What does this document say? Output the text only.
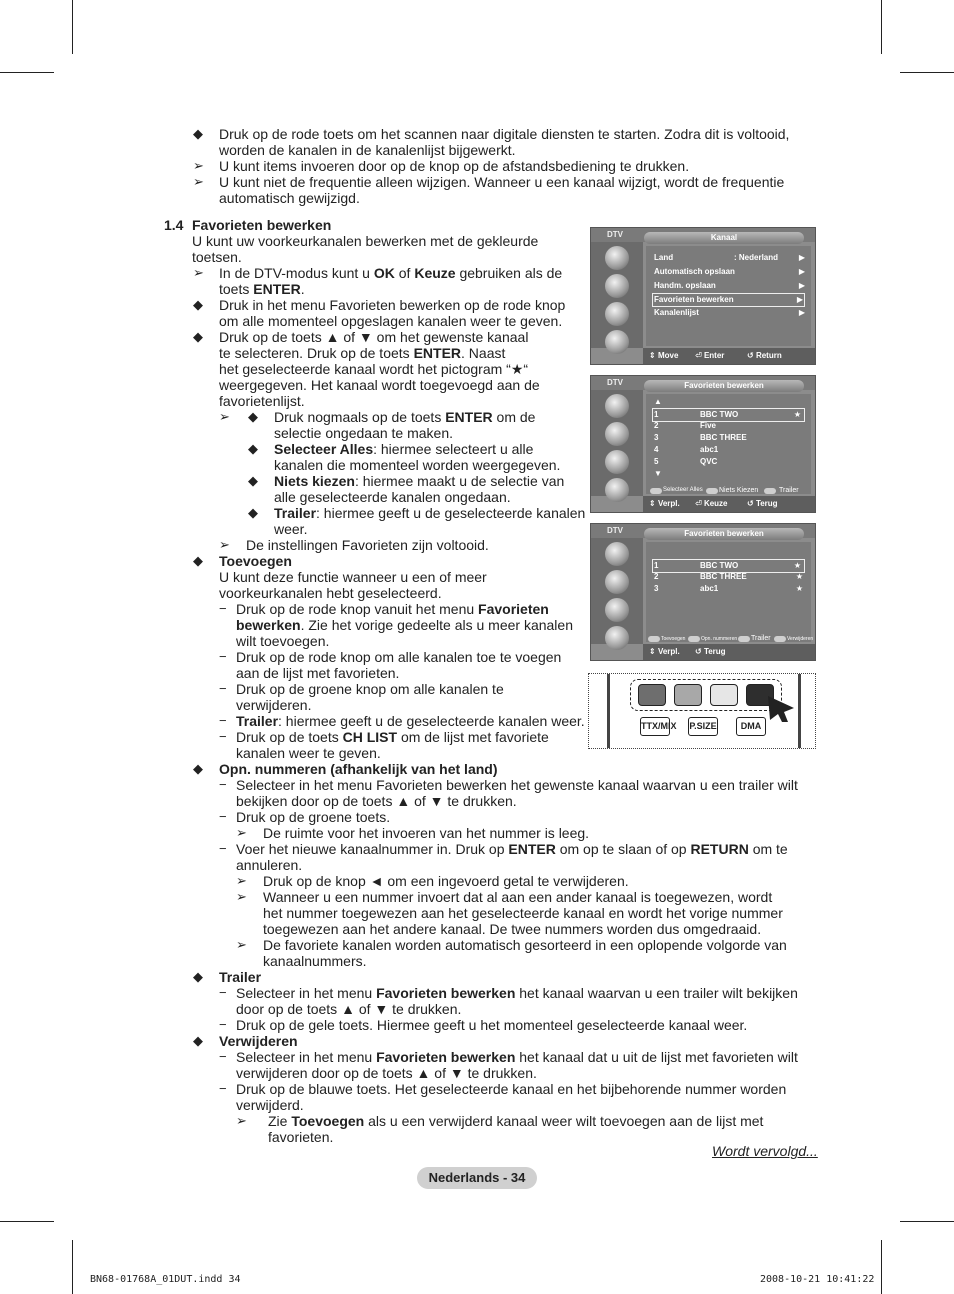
◆ Druk op de rode toets om het scannen naar digitale diensten te starten. Zodra dit is voltooid,
worden de kanalen in de kanalenlijst bijgewerkt.
➢ U kunt items invoeren door op de knop op de afstandsbediening te drukken.
➢ U kunt niet de frequentie alleen wijzigen. Wanneer u een kanaal wijzigt, wordt de frequentie
automatisch gewijzigd.
1.4 Favorieten bewerken
U kunt uw voorkeurkanalen bewerken met de gekleurde
toetsen.
➢ In de DTV-modus kunt u OK of Keuze gebruiken als de
toets ENTER.
◆ Druk in het menu Favorieten bewerken op de rode knop
om alle momenteel opgeslagen kanalen weer te geven.
◆ Druk op de toets ▲ of ▼ om het gewenste kanaal
te selecteren. Druk op de toets ENTER. Naast
het geselecteerde kanaal wordt het pictogram “★“
weergegeven. Het kanaal wordt toegevoegd aan de
favorietenlijst.
➢ ◆ Druk nogmaals op de toets ENTER om de
selectie ongedaan te maken.
◆ Selecteer Alles: hiermee selecteert u alle
kanalen die momenteel worden weergegeven.
◆ Niets kiezen: hiermee maakt u de selectie van
alle geselecteerde kanalen ongedaan.
◆ Trailer: hiermee geeft u de geselecteerde kanalen
weer.
➢ De instellingen Favorieten zijn voltooid.
◆ Toevoegen
U kunt deze functie wanneer u een of meer
voorkeurkanalen hebt geselecteerd.
− Druk op de rode knop vanuit het menu Favorieten
bewerken. Zie het vorige gedeelte als u meer kanalen
wilt toevoegen.
− Druk op de rode knop om alle kanalen toe te voegen
aan de lijst met favorieten.
− Druk op de groene knop om alle kanalen te
verwijderen.
− Trailer: hiermee geeft u de geselecteerde kanalen weer.
− Druk op de toets CH LIST om de lijst met favoriete
kanalen weer te geven.
◆ Opn. nummeren (afhankelijk van het land)
− Selecteer in het menu Favorieten bewerken het gewenste kanaal waarvan u een trailer wilt
bekijken door op de toets ▲ of ▼ te drukken.
− Druk op de groene toets.
➢ De ruimte voor het invoeren van het nummer is leeg.
− Voer het nieuwe kanaalnummer in. Druk op ENTER om op te slaan of op RETURN om te
annuleren.
➢ Druk op de knop ◄ om een ingevoerd getal te verwijderen.
➢ Wanneer u een nummer invoert dat al aan een ander kanaal is toegewezen, wordt
het nummer toegewezen aan het geselecteerde kanaal en wordt het vorige nummer
toegewezen aan het andere kanaal. De twee nummers worden dus omgedraaid.
➢ De favoriete kanalen worden automatisch gesorteerd in een oplopende volgorde van
kanaalnummers.
◆ Trailer
− Selecteer in het menu Favorieten bewerken het kanaal waarvan u een trailer wilt bekijken
door op de toets ▲ of ▼ te drukken.
− Druk op de gele toets. Hiermee geeft u het momenteel geselecteerde kanaal weer.
◆ Verwijderen
− Selecteer in het menu Favorieten bewerken het kanaal dat u uit de lijst met favorieten wilt
verwijderen door op de toets ▲ of ▼ te drukken.
− Druk op de blauwe toets. Het geselecteerde kanaal en het bijbehorende nummer worden
verwijderd.
➢ Zie Toevoegen als u een verwijderd kanaal weer wilt toevoegen aan de lijst met
favorieten.
Wordt vervolgd...
Nederlands - 34
BN68-01768A_01DUT.indd 34	2008-10-21 10:41:22
DTV	Kanaal
Land	: Nederland	▶
Automatisch opslaan	▶
Handm. opslaan	▶
Favorieten bewerken	▶
Kanalenlijst	▶
⇕ Move ⏎ Enter	↺ Return
DTV	Favorieten bewerken
▲
1	BBC TWO	★
2	Five
3	BBC THREE
4	abc1
5	QVC
▼
Selecteer Alles Niets Kiezen	Trailer
⇕ Verpl. ⏎ Keuze ↺ Terug
DTV	Favorieten bewerken
1	BBC TWO	★
2	BBC THREE	★
3	abc1	★
Toevoegen	Opn. nummeren Trailer	Verwijderen
⇕ Verpl. ↺ Terug
TTX/MIX P.SIZE	DMA
